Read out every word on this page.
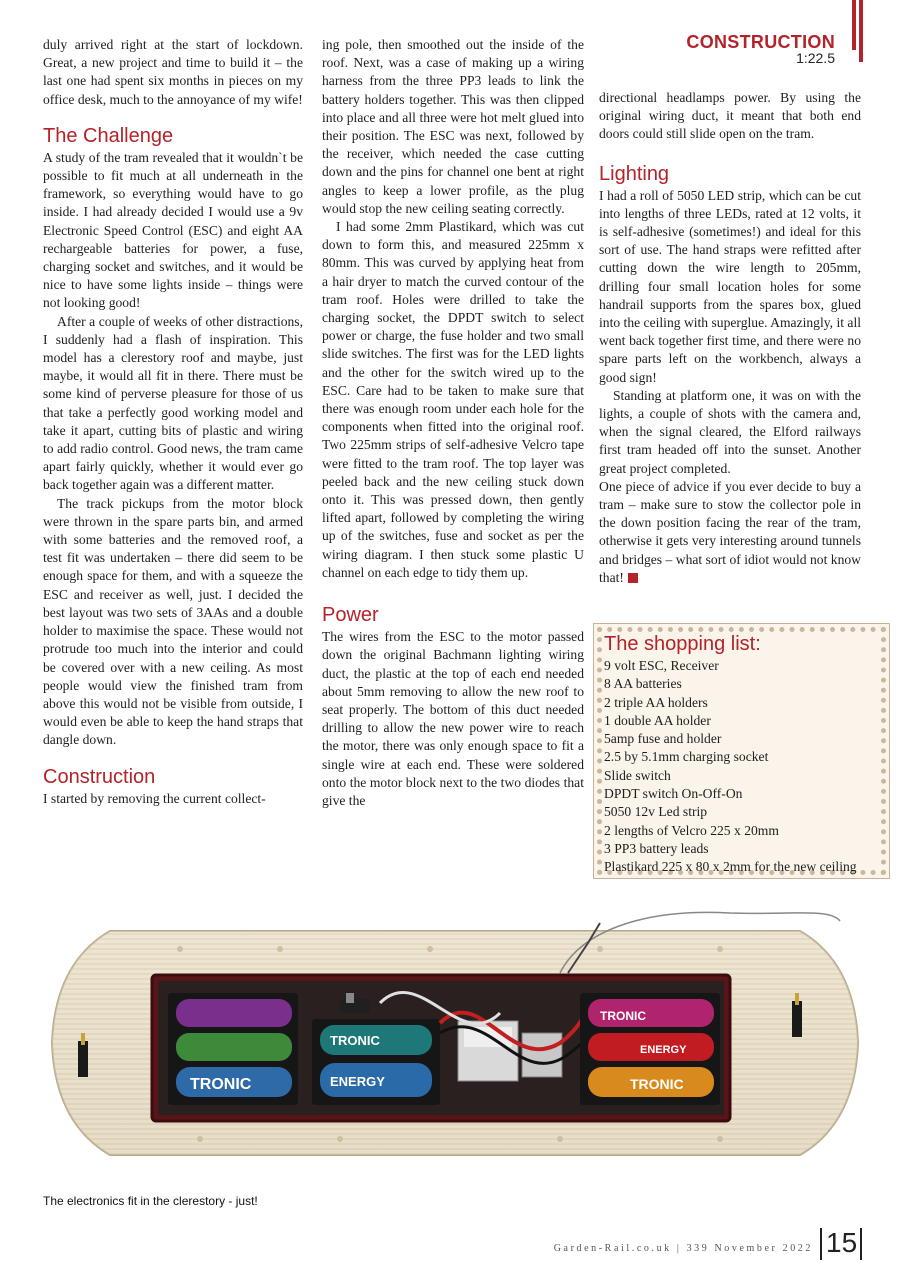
CONSTRUCTION
1:22.5

duly arrived right at the start of lockdown. Great, a new project and time to build it – the last one had spent six months in pieces on my office desk, much to the annoyance of my wife!

The Challenge

A study of the tram revealed that it wouldn`t be possible to fit much at all underneath in the framework, so everything would have to go inside. I had already decided I would use a 9v Electronic Speed Control (ESC) and eight AA rechargeable batteries for power, a fuse, charging socket and switches, and it would be nice to have some lights inside – things were not looking good!

After a couple of weeks of other distractions, I suddenly had a flash of inspiration. This model has a clerestory roof and maybe, just maybe, it would all fit in there. There must be some kind of perverse pleasure for those of us that take a perfectly good working model and take it apart, cutting bits of plastic and wiring to add radio control. Good news, the tram came apart fairly quickly, whether it would ever go back together again was a different matter.

The track pickups from the motor block were thrown in the spare parts bin, and armed with some batteries and the removed roof, a test fit was undertaken – there did seem to be enough space for them, and with a squeeze the ESC and receiver as well, just. I decided the best layout was two sets of 3AAs and a double holder to maximise the space. These would not protrude too much into the interior and could be covered over with a new ceiling. As most people would view the finished tram from above this would not be visible from outside, I would even be able to keep the hand straps that dangle down.

Construction

I started by removing the current collect-

ing pole, then smoothed out the inside of the roof. Next, was a case of making up a wiring harness from the three PP3 leads to link the battery holders together. This was then clipped into place and all three were hot melt glued into their position. The ESC was next, followed by the receiver, which needed the case cutting down and the pins for channel one bent at right angles to keep a lower profile, as the plug would stop the new ceiling seating correctly.

I had some 2mm Plastikard, which was cut down to form this, and measured 225mm x 80mm. This was curved by applying heat from a hair dryer to match the curved contour of the tram roof. Holes were drilled to take the charging socket, the DPDT switch to select power or charge, the fuse holder and two small slide switches. The first was for the LED lights and the other for the switch wired up to the ESC. Care had to be taken to make sure that there was enough room under each hole for the components when fitted into the original roof. Two 225mm strips of self-adhesive Velcro tape were fitted to the tram roof. The top layer was peeled back and the new ceiling stuck down onto it. This was pressed down, then gently lifted apart, followed by completing the wiring up of the switches, fuse and socket as per the wiring diagram. I then stuck some plastic U channel on each edge to tidy them up.

Power

The wires from the ESC to the motor passed down the original Bachmann lighting wiring duct, the plastic at the top of each end needed about 5mm removing to allow the new roof to seat properly. The bottom of this duct needed drilling to allow the new power wire to reach the motor, there was only enough space to fit a single wire at each end. These were soldered onto the motor block next to the two diodes that give the

directional headlamps power. By using the original wiring duct, it meant that both end doors could still slide open on the tram.

Lighting

I had a roll of 5050 LED strip, which can be cut into lengths of three LEDs, rated at 12 volts, it is self-adhesive (sometimes!) and ideal for this sort of use. The hand straps were refitted after cutting down the wire length to 205mm, drilling four small location holes for some handrail supports from the spares box, glued into the ceiling with superglue. Amazingly, it all went back together first time, and there were no spare parts left on the workbench, always a good sign!

Standing at platform one, it was on with the lights, a couple of shots with the camera and, when the signal cleared, the Elford railways first tram headed off into the sunset. Another great project completed.

One piece of advice if you ever decide to buy a tram – make sure to stow the collector pole in the down position facing the rear of the tram, otherwise it gets very interesting around tunnels and bridges – what sort of idiot would not know that!

The shopping list:
9 volt ESC, Receiver
8 AA batteries
2 triple AA holders
1 double AA holder
5amp fuse and holder
2.5 by 5.1mm charging socket
Slide switch
DPDT switch On-Off-On
5050 12v Led strip
2 lengths of Velcro 225 x 20mm
3 PP3 battery leads
Plastikard 225 x 80 x 2mm for the new ceiling
TRONIC
TRONIC
ENERGY	TRONIC
ENERGY
TRONIC
The electronics fit in the clerestory - just!
Garden-Rail.co.uk | 339 November 2022 15
